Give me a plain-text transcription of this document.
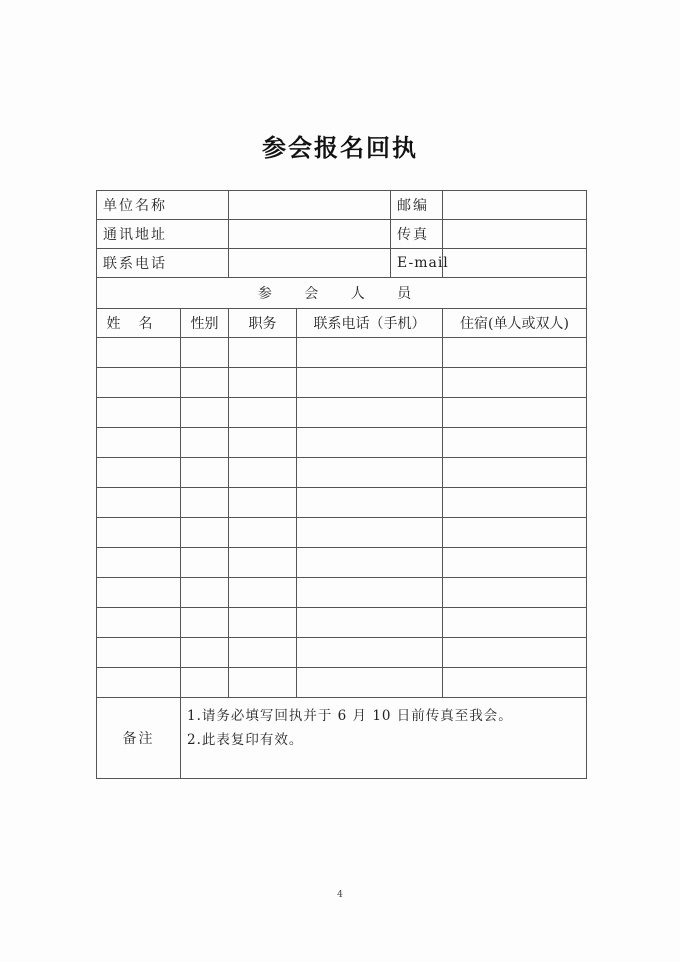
参会报名回执
单位名称				邮编	
通讯地址				传真	
联系电话				E-mail	
参 会 人 员					
姓名	性别	职务	联系电话（手机）		住宿(单人或双人)

备注	1.请务必填写回执并于 6 月 10 日前传真至我会。
2.此表复印有效。				
4
